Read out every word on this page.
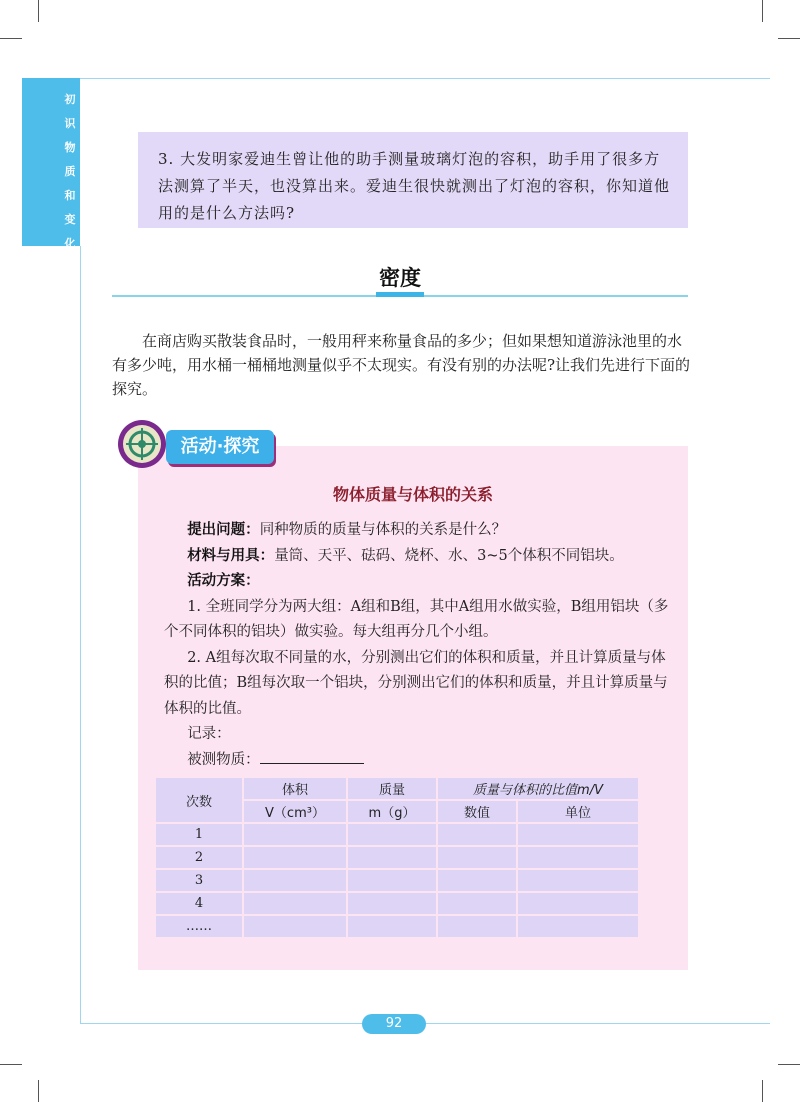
初
识
物
质
和
变
化
3. 大发明家爱迪生曾让他的助手测量玻璃灯泡的容积，助手用了很多方法测算了半天，也没算出来。爱迪生很快就测出了灯泡的容积，你知道他用的是什么方法吗?
密度

在商店购买散装食品时，一般用秤来称量食品的多少；但如果想知道游泳池里的水有多少吨，用水桶一桶桶地测量似乎不太现实。有没有别的办法呢?让我们先进行下面的探究。

活动·探究
物体质量与体积的关系

提出问题：同种物质的质量与体积的关系是什么？

材料与用具：量筒、天平、砝码、烧杯、水、3~5个体积不同铝块。

活动方案：

1. 全班同学分为两大组：A组和B组，其中A组用水做实验，B组用铝块（多个不同体积的铝块）做实验。每大组再分几个小组。

2. A组每次取不同量的水，分别测出它们的体积和质量，并且计算质量与体积的比值；B组每次取一个铝块，分别测出它们的体积和质量，并且计算质量与体积的比值。

记录：

被测物质：

次数	体积	质量	质量与体积的比值m/V	
	V（cm³）	m（g）	数值	单位
1				
2				
3				
4				
……				
92
